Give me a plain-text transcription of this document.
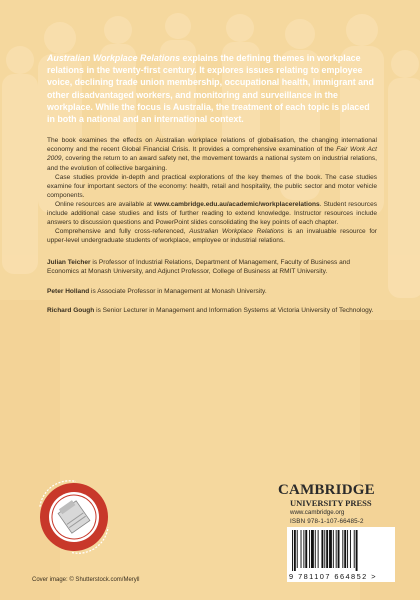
Australian Workplace Relations explains the defining themes in workplace relations in the twenty-first century. It explores issues relating to employee voice, declining trade union membership, occupational health, immigrant and other disadvantaged workers, and monitoring and surveillance in the workplace. While the focus is Australia, the treatment of each topic is placed in both a national and an international context.

The book examines the effects on Australian workplace relations of globalisation, the changing international economy and the recent Global Financial Crisis. It provides a comprehensive examination of the Fair Work Act 2009, covering the return to an award safety net, the movement towards a national system on industrial relations, and the evolution of collective bargaining.

Case studies provide in-depth and practical explorations of the key themes of the book. The case studies examine four important sectors of the economy: health, retail and hospitality, the public sector and motor vehicle components.

Online resources are available at www.cambridge.edu.au/academic/workplacerelations. Student resources include additional case studies and lists of further reading to extend knowledge. Instructor resources include answers to discussion questions and PowerPoint slides consolidating the key points of each chapter.

Comprehensive and fully cross-referenced, Australian Workplace Relations is an invaluable resource for upper-level undergraduate students of workplace, employee or industrial relations.

Julian Teicher is Professor of Industrial Relations, Department of Management, Faculty of Business and Economics at Monash University, and Adjunct Professor, College of Business at RMIT University.

Peter Holland is Associate Professor in Management at Monash University.

Richard Gough is Senior Lecturer in Management and Information Systems at Victoria University of Technology.

CAMBRIDGE
UNIVERSITY PRESS
www.cambridge.org
ISBN 978-1-107-66485-2
9 781107 664852 >
Cover image: © Shutterstock.com/Meryll
